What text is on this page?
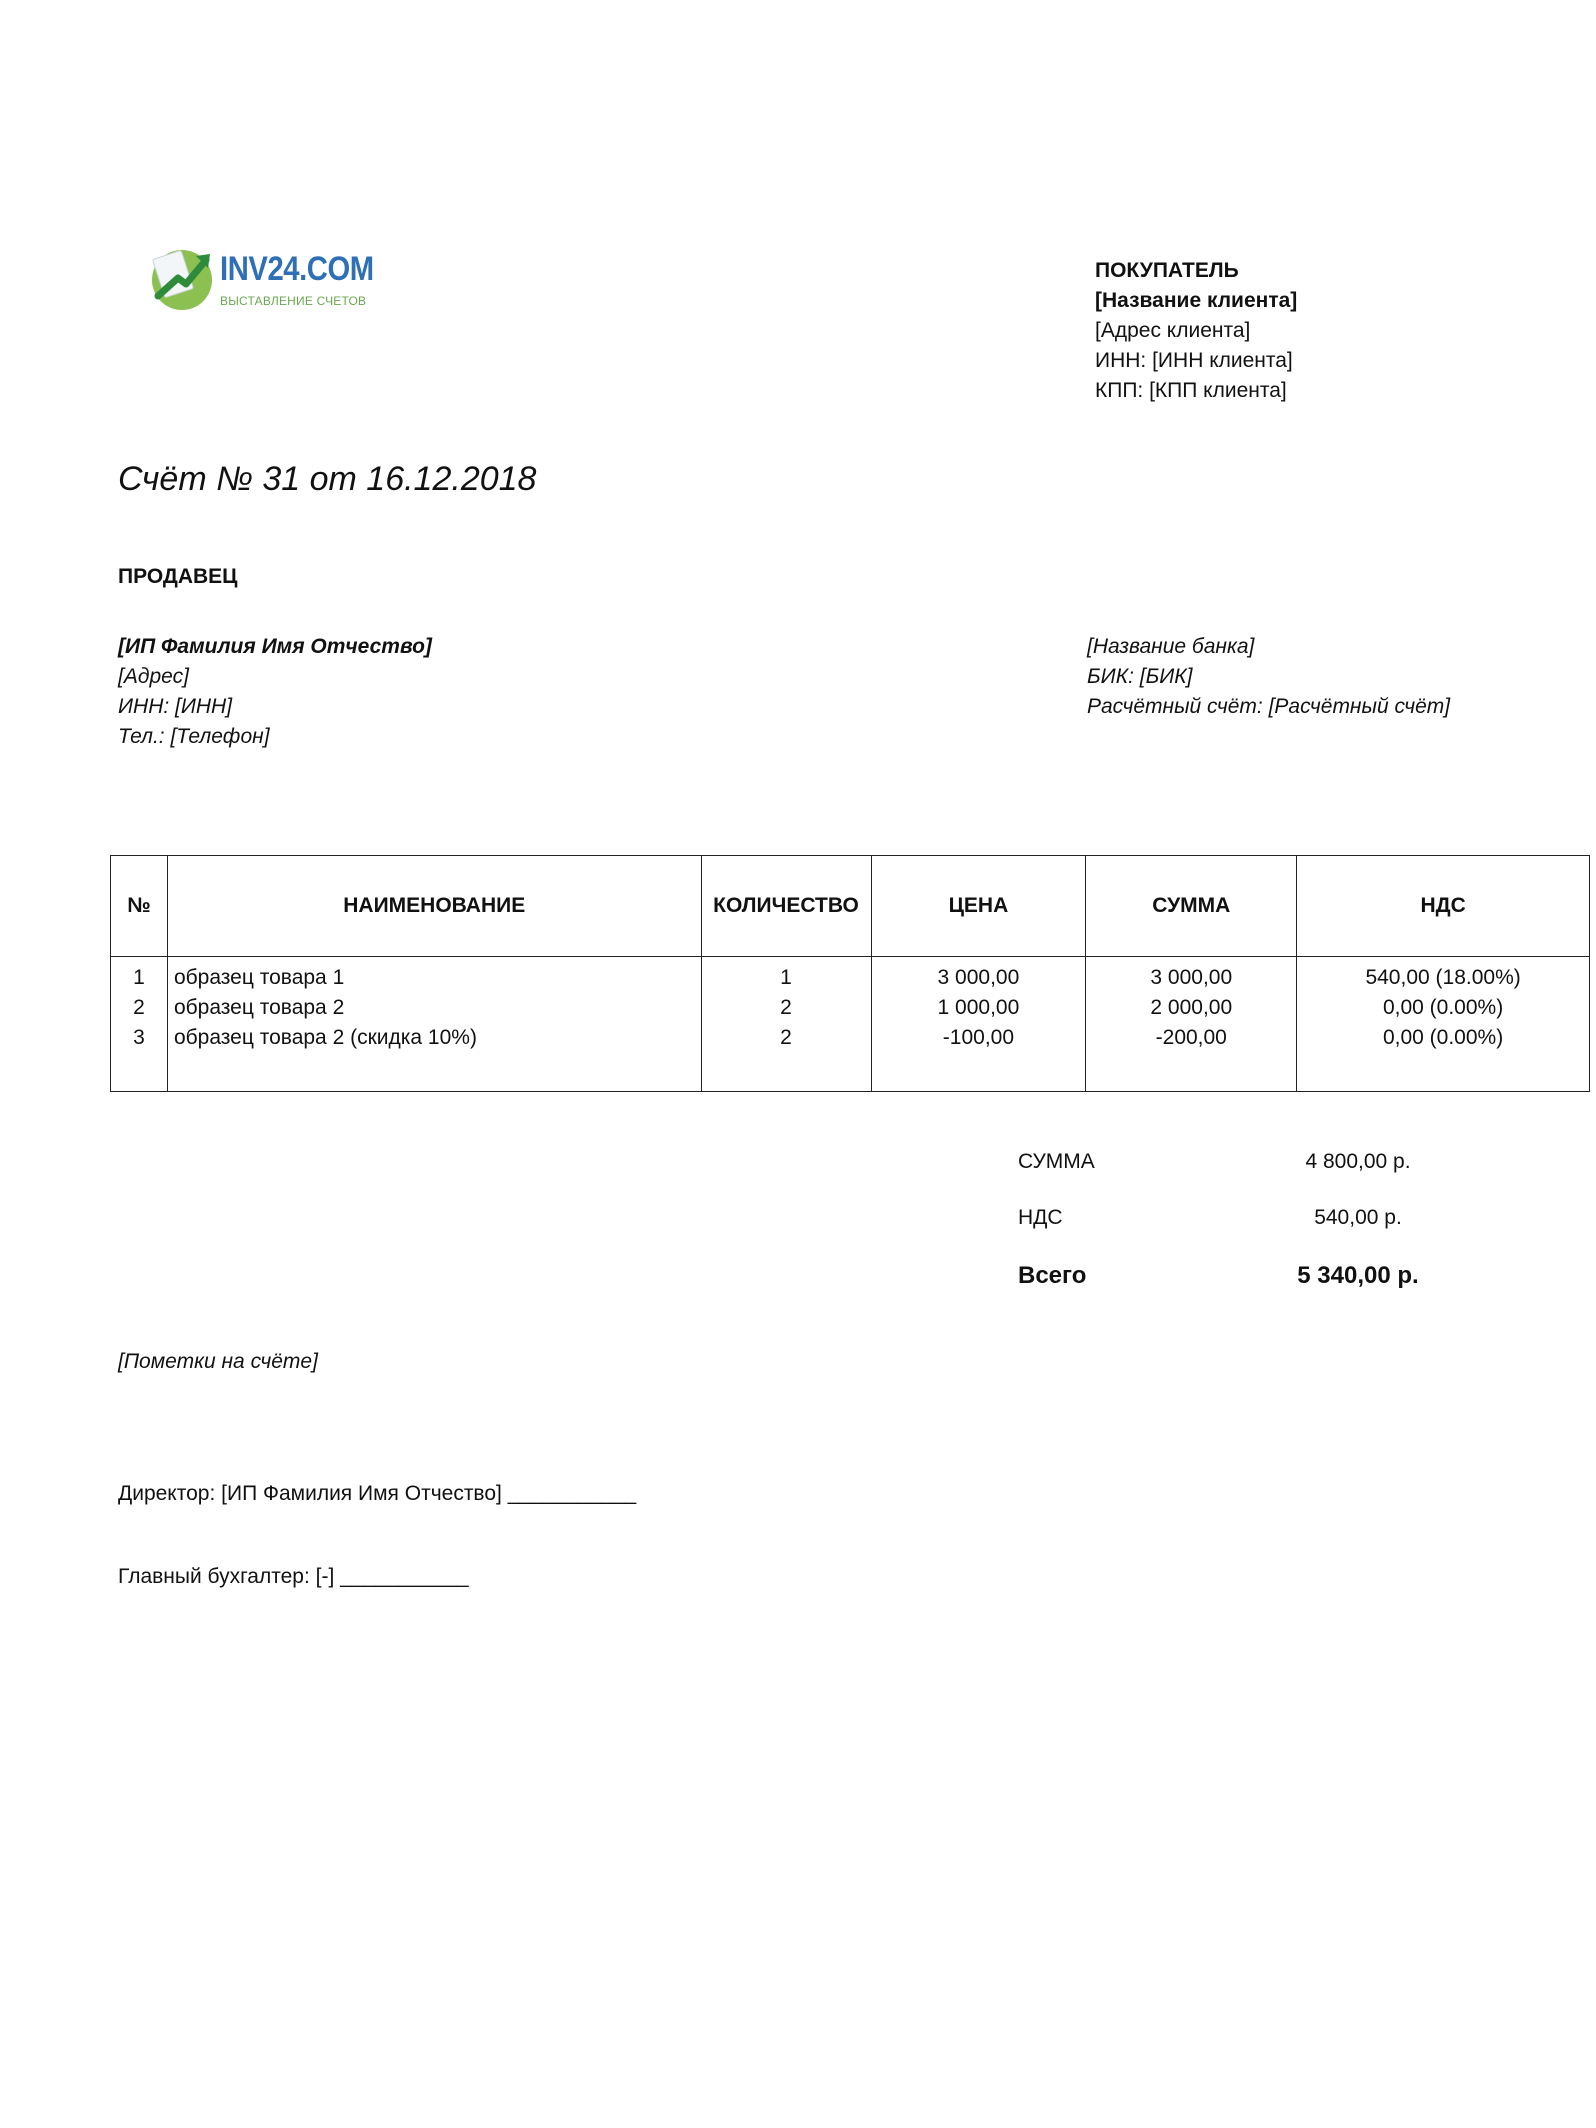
INV24.COM
ВЫСТАВЛЕНИЕ СЧЕТОВ
ПОКУПАТЕЛЬ
[Название клиента]
[Адрес клиента]
ИНН: [ИНН клиента]
КПП: [КПП клиента]
Счёт № 31 от 16.12.2018
ПРОДАВЕЦ
[ИП Фамилия Имя Отчество]
[Адрес]
ИНН: [ИНН]
Тел.: [Телефон]
[Название банка]
БИК: [БИК]
Расчётный счёт: [Расчётный счёт]
№	НАИМЕНОВАНИЕ	КОЛИЧЕСТВО	ЦЕНА	СУММА	НДС
1	образец товара 1	1	3 000,00	3 000,00	540,00 (18.00%)
2	образец товара 2	2	1 000,00	2 000,00	0,00 (0.00%)
3	образец товара 2 (скидка 10%)	2	-100,00	-200,00	0,00 (0.00%)
СУММА	4 800,00 р.
НДС	540,00 р.
Всего	5 340,00 р.
[Пометки на счёте]
Директор: [ИП Фамилия Имя Отчество] ___________
Главный бухгалтер: [-] ___________
